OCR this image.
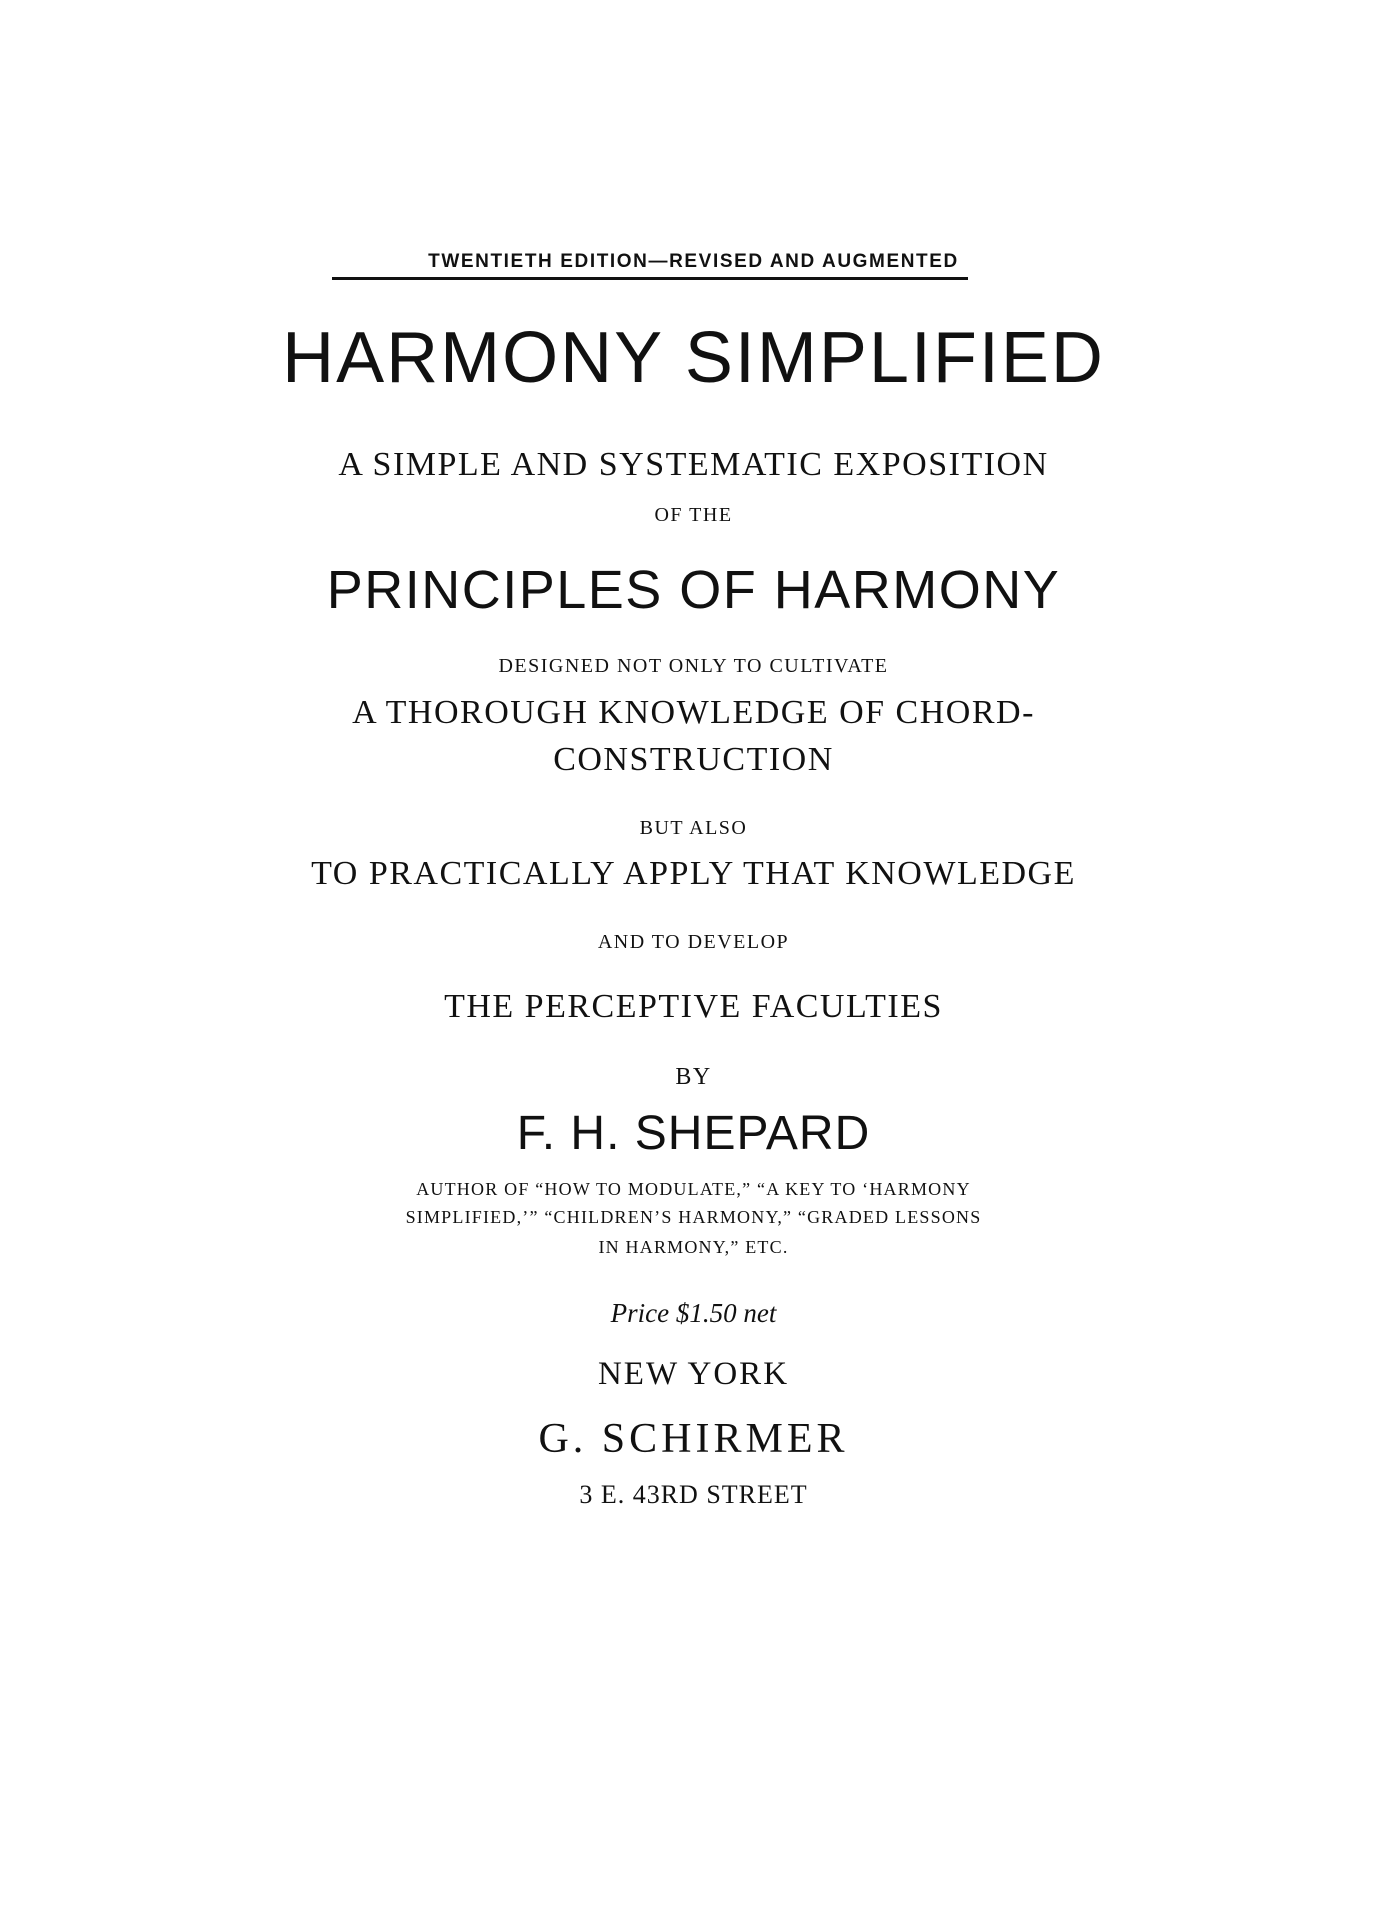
TWENTIETH EDITION—REVISED AND AUGMENTED

HARMONY SIMPLIFIED

A SIMPLE AND SYSTEMATIC EXPOSITION

OF THE

PRINCIPLES OF HARMONY

DESIGNED NOT ONLY TO CULTIVATE

A THOROUGH KNOWLEDGE OF CHORD-

CONSTRUCTION

BUT ALSO

TO PRACTICALLY APPLY THAT KNOWLEDGE

AND TO DEVELOP

THE PERCEPTIVE FACULTIES

BY

F. H. SHEPARD

AUTHOR OF “HOW TO MODULATE,” “A KEY TO ‘HARMONY

SIMPLIFIED,’” “CHILDREN’S HARMONY,” “GRADED LESSONS

IN HARMONY,” ETC.

Price $1.50 net

NEW YORK

G. SCHIRMER

3 E. 43RD STREET
